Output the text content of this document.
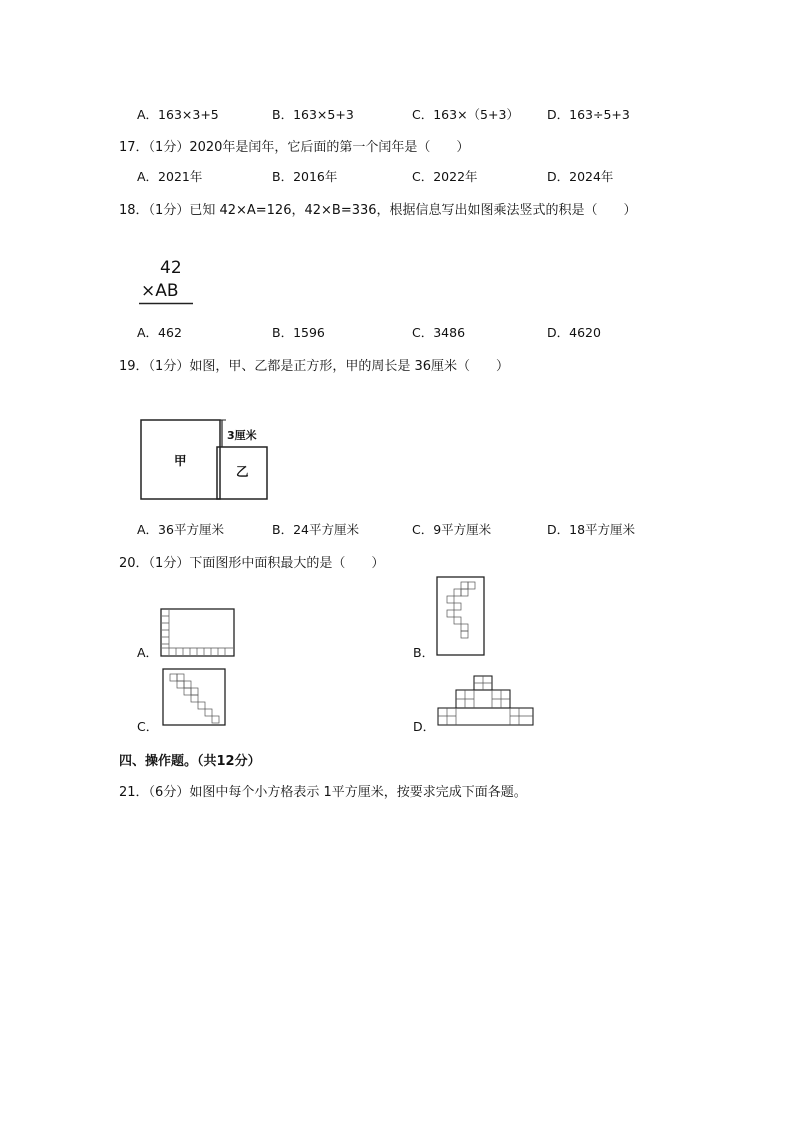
A．163×3+5	B．163×5+3	C．163×（5+3） D．163÷5+3
17．（1分）2020年是闰年，它后面的第一个闰年是（　　）
A．2021年	B．2016年	C．2022年	D．2024年
18．（1分）已知 42×A=126，42×B=336，根据信息写出如图乘法竖式的积是（　　）
42
×AB
A．462	B．1596	C．3486	D．4620
19．（1分）如图，甲、乙都是正方形，甲的周长是 36厘米（　　）
甲
乙
3厘米
A．36平方厘米	B．24平方厘米	C．9平方厘米	D．18平方厘米
20．（1分）下面图形中面积最大的是（　　）
A．	B．
C．	D．
四、操作题。（共12分）
21．（6分）如图中每个小方格表示 1平方厘米，按要求完成下面各题。
